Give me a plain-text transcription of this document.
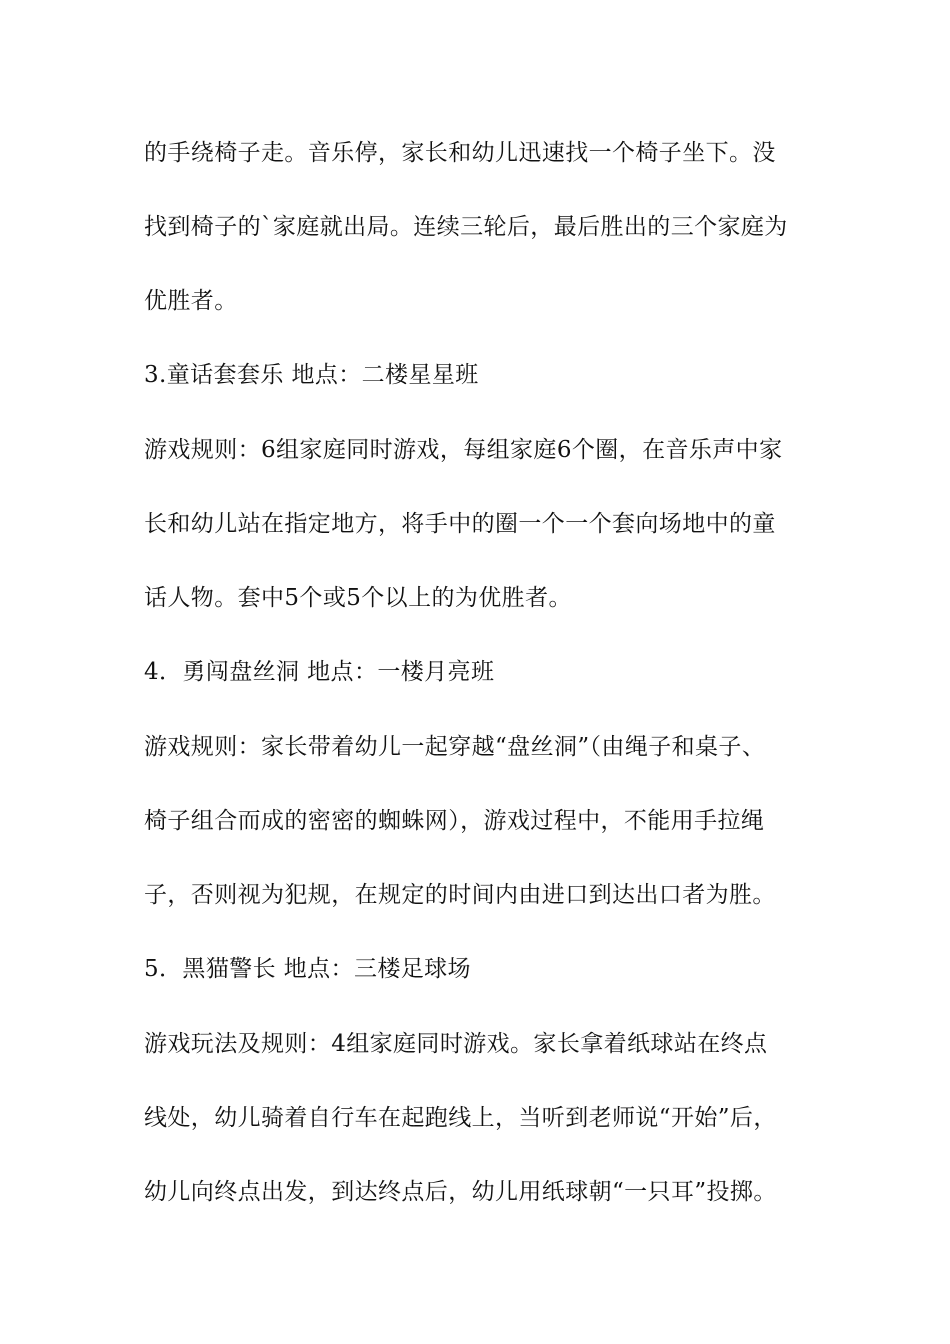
的手绕椅子走。音乐停，家长和幼儿迅速找一个椅子坐下。没

找到椅子的`家庭就出局。连续三轮后，最后胜出的三个家庭为

优胜者。

3.童话套套乐 地点：二楼星星班

游戏规则：6组家庭同时游戏，每组家庭6个圈，在音乐声中家

长和幼儿站在指定地方，将手中的圈一个一个套向场地中的童

话人物。套中5个或5个以上的为优胜者。

4．勇闯盘丝洞 地点：一楼月亮班

游戏规则：家长带着幼儿一起穿越“盘丝洞”（由绳子和桌子、

椅子组合而成的密密的蜘蛛网），游戏过程中，不能用手拉绳

子，否则视为犯规，在规定的时间内由进口到达出口者为胜。

5．黑猫警长 地点：三楼足球场

游戏玩法及规则：4组家庭同时游戏。家长拿着纸球站在终点

线处，幼儿骑着自行车在起跑线上，当听到老师说“开始”后，

幼儿向终点出发，到达终点后，幼儿用纸球朝“一只耳”投掷。
